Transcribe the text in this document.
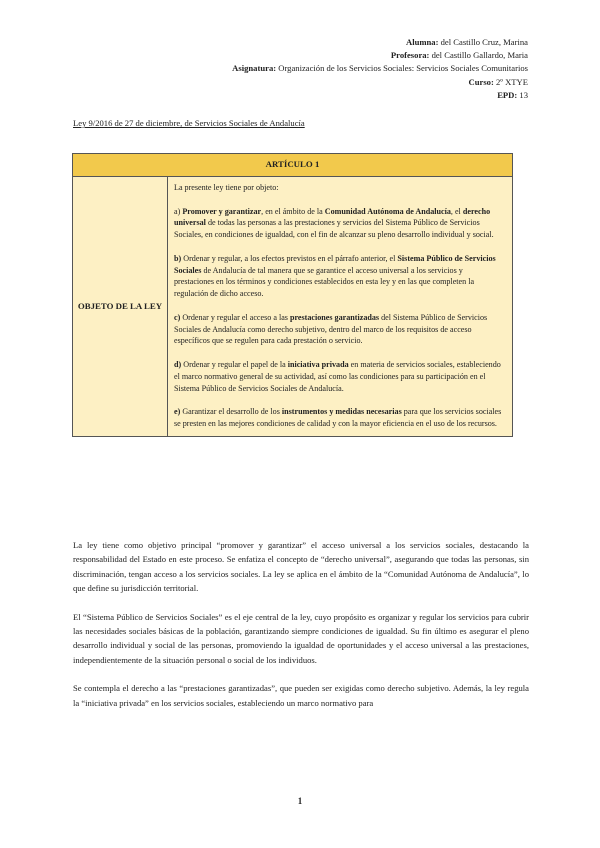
Alumna: del Castillo Cruz, Marina
Profesora: del Castillo Gallardo, Maria
Asignatura: Organización de los Servicios Sociales: Servicios Sociales Comunitarios
Curso: 2º XTYE
EPD: 13
Ley 9/2016 de 27 de diciembre, de Servicios Sociales de Andalucía
ARTÍCULO 1
OBJETO DE LA LEY	

La presente ley tiene por objeto:

a) Promover y garantizar, en el ámbito de la Comunidad Autónoma de Andalucía, el derecho universal de todas las personas a las prestaciones y servicios del Sistema Público de Servicios Sociales, en condiciones de igualdad, con el fin de alcanzar su pleno desarrollo individual y social.

b) Ordenar y regular, a los efectos previstos en el párrafo anterior, el Sistema Público de Servicios Sociales de Andalucía de tal manera que se garantice el acceso universal a los servicios y prestaciones en los términos y condiciones establecidos en esta ley y en las que completen la regulación de dicho acceso.

c) Ordenar y regular el acceso a las prestaciones garantizadas del Sistema Público de Servicios Sociales de Andalucía como derecho subjetivo, dentro del marco de los requisitos de acceso específicos que se regulen para cada prestación o servicio.

d) Ordenar y regular el papel de la iniciativa privada en materia de servicios sociales, estableciendo el marco normativo general de su actividad, así como las condiciones para su participación en el Sistema Público de Servicios Sociales de Andalucía.

e) Garantizar el desarrollo de los instrumentos y medidas necesarias para que los servicios sociales se presten en las mejores condiciones de calidad y con la mayor eficiencia en el uso de los recursos.

La ley tiene como objetivo principal “promover y garantizar” el acceso universal a los servicios sociales, destacando la responsabilidad del Estado en este proceso. Se enfatiza el concepto de “derecho universal”, asegurando que todas las personas, sin discriminación, tengan acceso a los servicios sociales. La ley se aplica en el ámbito de la “Comunidad Autónoma de Andalucía”, lo que define su jurisdicción territorial.

El “Sistema Público de Servicios Sociales” es el eje central de la ley, cuyo propósito es organizar y regular los servicios para cubrir las necesidades sociales básicas de la población, garantizando siempre condiciones de igualdad. Su fin último es asegurar el pleno desarrollo individual y social de las personas, promoviendo la igualdad de oportunidades y el acceso universal a las prestaciones, independientemente de la situación personal o social de los individuos.

Se contempla el derecho a las “prestaciones garantizadas”, que pueden ser exigidas como derecho subjetivo. Además, la ley regula la “iniciativa privada” en los servicios sociales, estableciendo un marco normativo para

1
